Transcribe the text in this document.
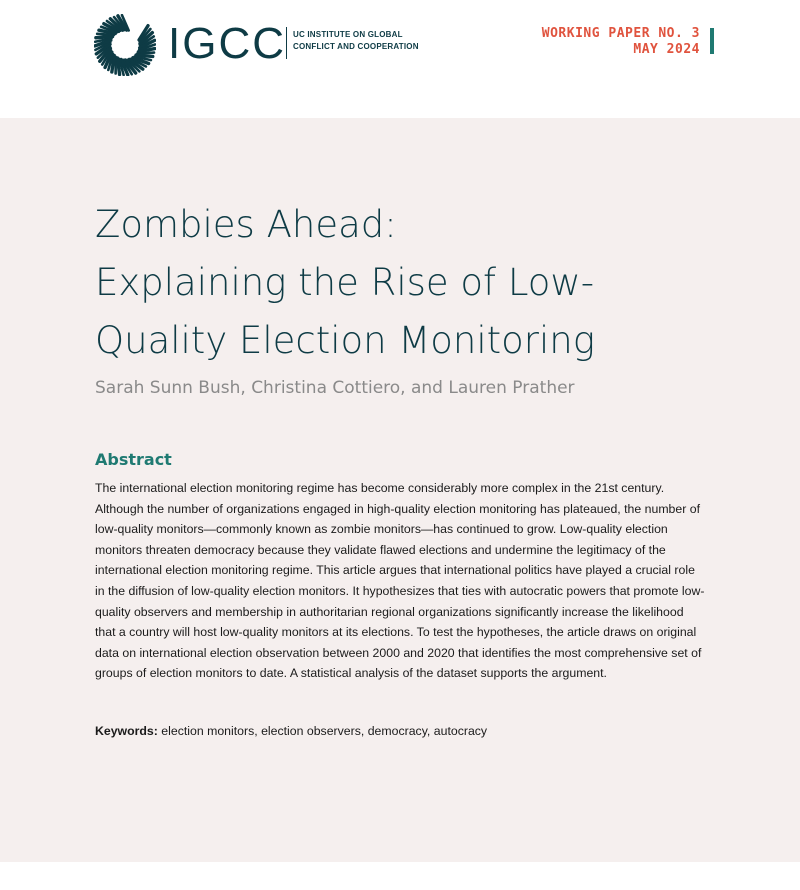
IGCC UC INSTITUTE ON GLOBAL
CONFLICT AND COOPERATION
WORKING PAPER NO. 3
MAY 2024
Zombies Ahead:
Explaining the Rise of Low-
Quality Election Monitoring
Sarah Sunn Bush, Christina Cottiero, and Lauren Prather
Abstract
The international election monitoring regime has become considerably more complex in the 21st century. Although the number of organizations engaged in high-quality election monitoring has plateaued, the number of low-quality monitors—commonly known as zombie monitors—has continued to grow. Low-quality election monitors threaten democracy because they validate flawed elections and undermine the legitimacy of the international election monitoring regime. This article argues that international politics have played a crucial role in the diffusion of low-quality election monitors. It hypothesizes that ties with autocratic powers that promote low-quality observers and membership in authoritarian regional organizations significantly increase the likelihood that a country will host low-quality monitors at its elections. To test the hypotheses, the article draws on original data on international election observation between 2000 and 2020 that identifies the most comprehensive set of groups of election monitors to date. A statistical analysis of the dataset supports the argument.
Keywords: election monitors, election observers, democracy, autocracy
